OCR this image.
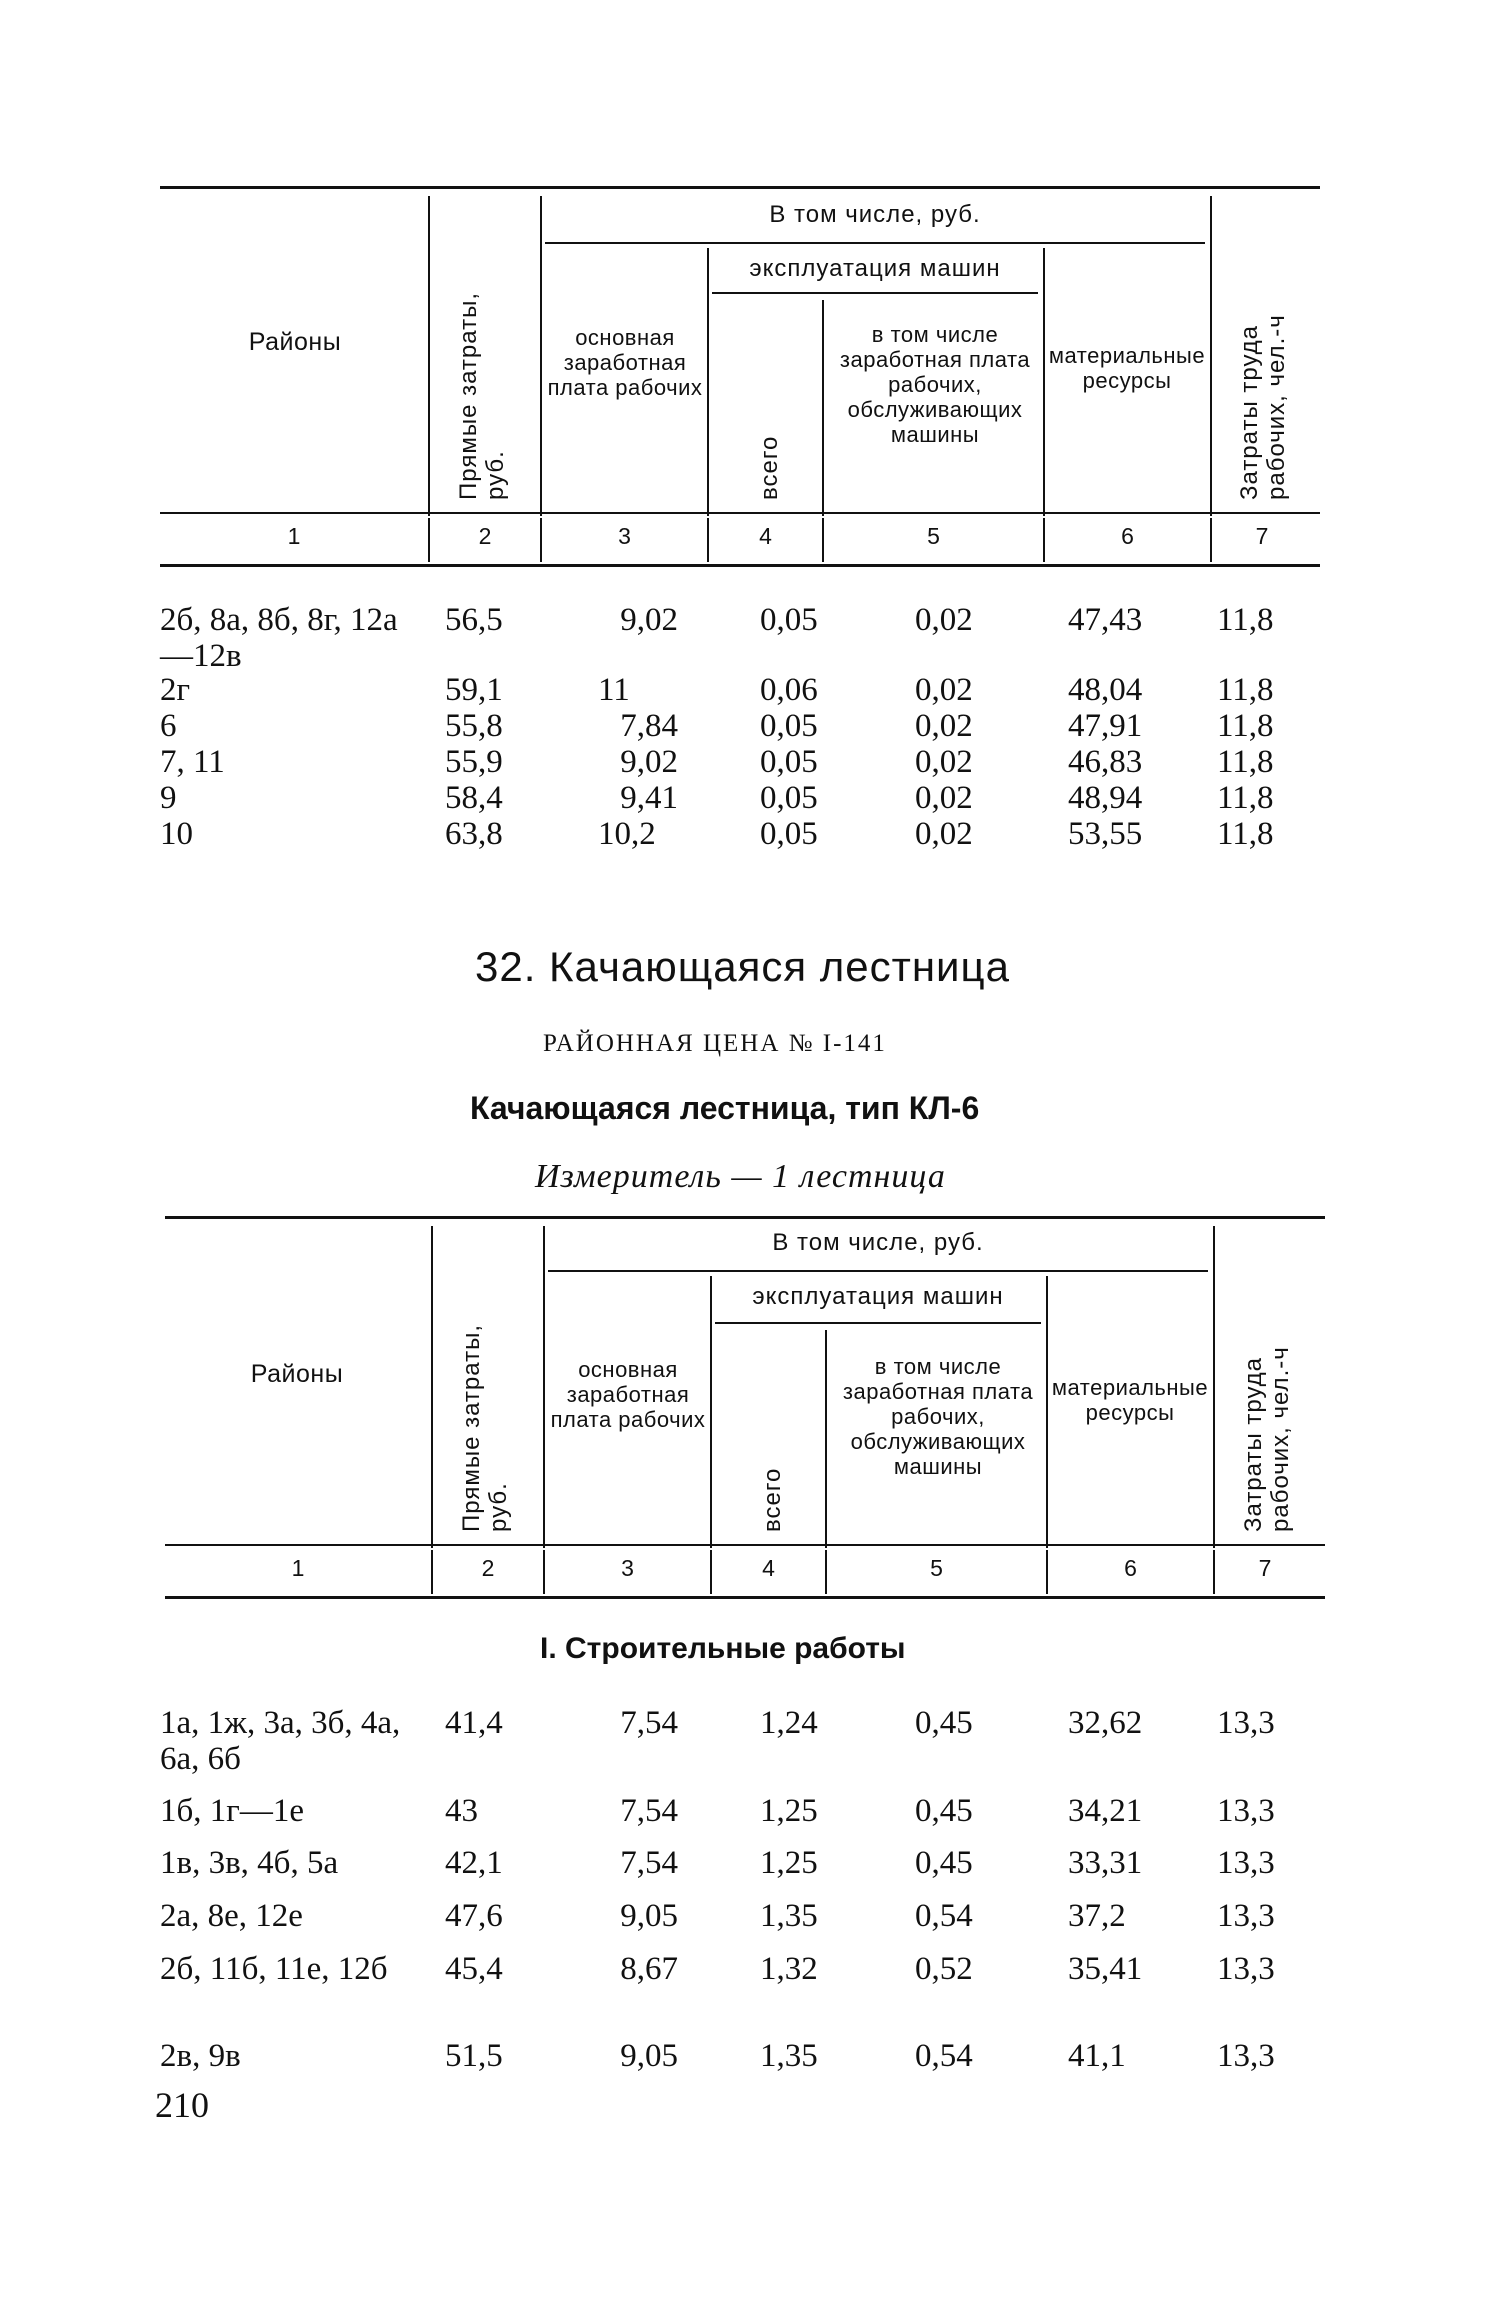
Районы	Прямые затраты, руб.
В том числе, руб.
основная заработная плата рабочих
эксплуатация машин
всего
в том числе заработная плата рабочих, обслуживающих машины
материальные ресурсы	Затраты труда рабочих, чел.-ч
1	2	3	4	5	6	7
2б, 8а, 8б, 8г, 12а—12в
56,5	9,02 0,05	0,02	47,43 11,8
2г	59,1	11	0,06	0,02	48,04 11,8
6	55,8	7,84 0,05	0,02	47,91 11,8
7, 11	55,9	9,02 0,05	0,02	46,83 11,8
9	58,4	9,41 0,05	0,02	48,94 11,8
10	63,8	10,2	0,05	0,02	53,55 11,8
32. Качающаяся лестница
РАЙОННАЯ ЦЕНА № I-141
Качающаяся лестница, тип КЛ-6
Измеритель — 1 лестница
Районы	Прямые затраты, руб.
В том числе, руб.
основная заработная плата рабочих
эксплуатация машин
всего
в том числе заработная плата рабочих, обслуживающих машины
материальные ресурсы	Затраты труда рабочих, чел.-ч
1	2	3	4	5	6	7
I. Строительные работы
1а, 1ж, 3а, 3б, 4а, 6а, 6б
41,4	7,54 1,24	0,45	32,62 13,3
1б, 1г—1е	43	7,54 1,25	0,45	34,21 13,3
1в, 3в, 4б, 5а	42,1	7,54 1,25	0,45	33,31 13,3
2а, 8е, 12е	47,6	9,05 1,35	0,54	37,2	13,3
2б, 11б, 11е, 12б	45,4	8,67 1,32	0,52	35,41 13,3
2в, 9в	51,5	9,05 1,35	0,54	41,1	13,3
210
